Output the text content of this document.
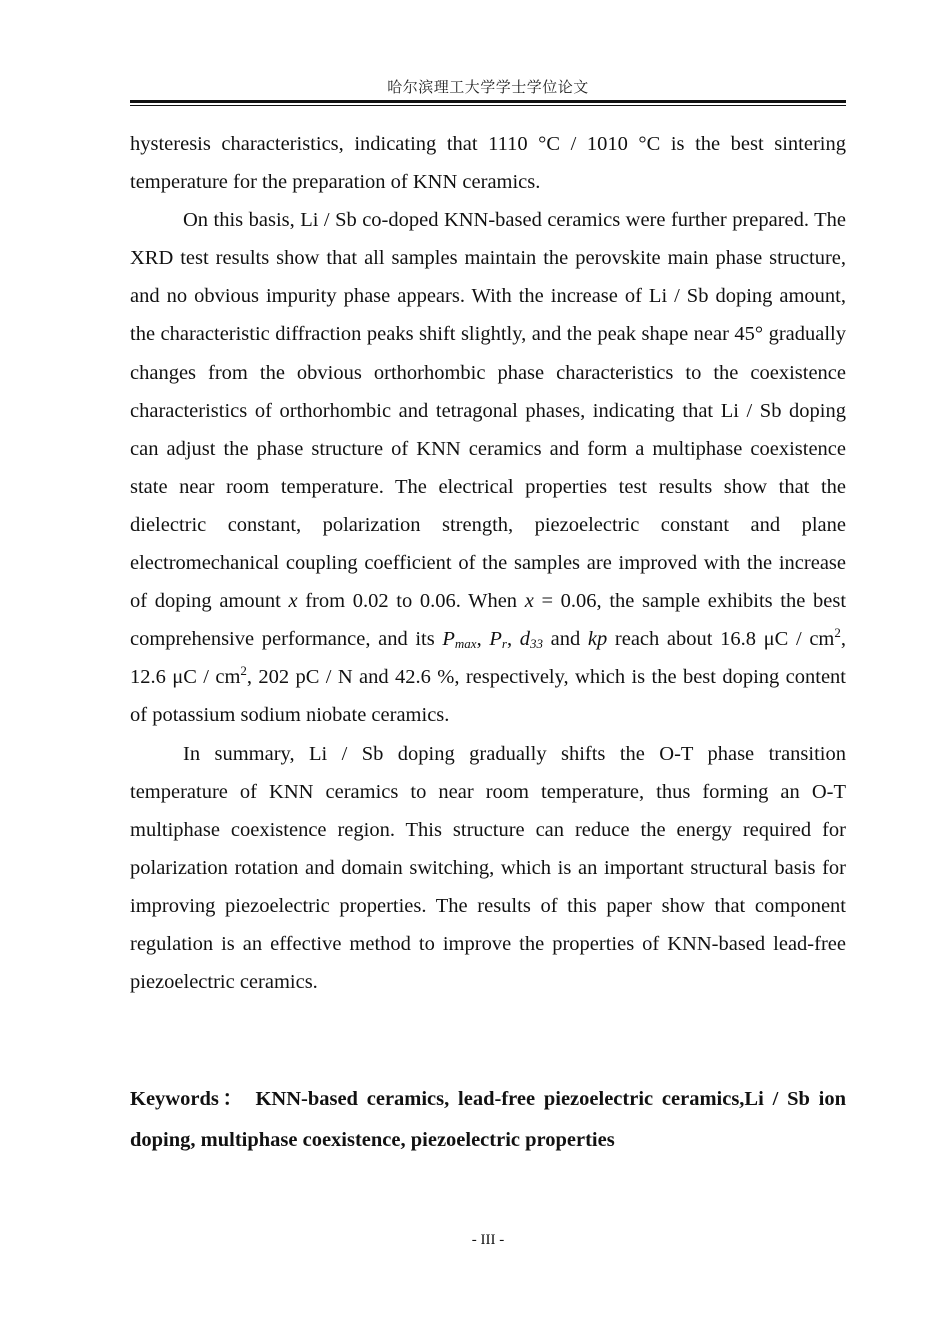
哈尔滨理工大学学士学位论文

hysteresis characteristics, indicating that 1110 °C / 1010 °C is the best sintering temperature for the preparation of KNN ceramics.

On this basis, Li / Sb co-doped KNN-based ceramics were further prepared. The XRD test results show that all samples maintain the perovskite main phase structure, and no obvious impurity phase appears. With the increase of Li / Sb doping amount, the characteristic diffraction peaks shift slightly, and the peak shape near 45° gradually changes from the obvious orthorhombic phase characteristics to the coexistence characteristics of orthorhombic and tetragonal phases, indicating that Li / Sb doping can adjust the phase structure of KNN ceramics and form a multiphase coexistence state near room temperature. The electrical properties test results show that the dielectric constant, polarization strength, piezoelectric constant and plane electromechanical coupling coefficient of the samples are improved with the increase of doping amount x from 0.02 to 0.06. When x = 0.06, the sample exhibits the best comprehensive performance, and its $P_{max}$, $P_r$, $d_{33}$ and kp reach about 16.8 μC / $cm^2$, 12.6 μC / $cm^2$, 202 pC / N and 42.6 %, respectively, which is the best doping content of potassium sodium niobate ceramics.

In summary, Li / Sb doping gradually shifts the O-T phase transition temperature of KNN ceramics to near room temperature, thus forming an O-T multiphase coexistence region. This structure can reduce the energy required for polarization rotation and domain switching, which is an important structural basis for improving piezoelectric properties. The results of this paper show that component regulation is an effective method to improve the properties of KNN-based lead-free piezoelectric ceramics.

Keywords： KNN-based ceramics, lead-free piezoelectric ceramics,Li / Sb ion doping, multiphase coexistence, piezoelectric properties
- III -
